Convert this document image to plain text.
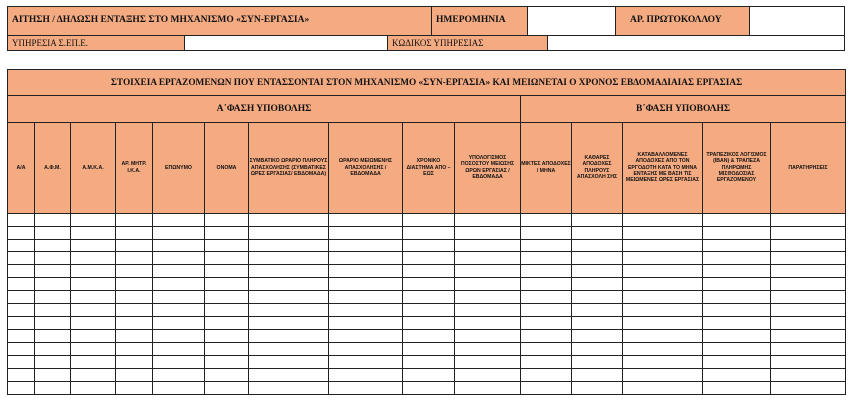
ΑΙΤΗΣΗ / ΔΗΛΩΣΗ ΕΝΤΑΞΗΣ ΣΤΟ ΜΗΧΑΝΙΣΜΟ «ΣΥΝ-ΕΡΓΑΣΙΑ»	ΗΜΕΡΟΜΗΝΙΑ	ΑΡ. ΠΡΩΤΟΚΟΛΛΟΥ
ΥΠΗΡΕΣΙΑ Σ.ΕΠ.Ε.	ΚΩΔΙΚΟΣ ΥΠΗΡΕΣΙΑΣ
ΣΤΟΙΧΕΙΑ ΕΡΓΑΖΟΜΕΝΩΝ ΠΟΥ ΕΝΤΑΣΣΟΝΤΑΙ ΣΤΟΝ ΜΗΧΑΝΙΣΜΟ «ΣΥΝ-ΕΡΓΑΣΙΑ» ΚΑΙ ΜΕΙΩΝΕΤΑΙ Ο ΧΡΟΝΟΣ ΕΒΔΟΜΑΔΙΑΙΑΣ ΕΡΓΑΣΙΑΣ														
Α΄ΦΑΣΗ ΥΠΟΒΟΛΗΣ										Β΄ΦΑΣΗ ΥΠΟΒΟΛΗΣ				
Α/Α	Α.Φ.Μ.	Α.Μ.Κ.Α.	ΑΡ. ΜΗΤΡ. Ι.Κ.Α.	ΕΠΩΝΥΜΟ	ΟΝΟΜΑ	ΣΥΜΒΑΤΙΚΟ ΩΡΑΡΙΟ ΠΛΗΡΟΥΣ ΑΠΑΣΧΟΛΗΣΗΣ (ΣΥΜΒΑΤΙΚΕΣ ΩΡΕΣ ΕΡΓΑΣΙΑΣ/ ΕΒΔΟΜΑΔΑ)	ΩΡΑΡΙΟ ΜΕΙΩΜΕΝΗΣ ΑΠΑΣΧΟΛΗΣΗΣ / ΕΒΔΟΜΑΔΑ	ΧΡΟΝΙΚΟ ΔΙΑΣΤΗΜΑ ΑΠΟ – ΕΩΣ	ΥΠΟΛΟΓΙΣΜΟΣ ΠΟΣΟΣΤΟΥ ΜΕΙΩΣΗΣ ΩΡΩΝ ΕΡΓΑΣΙΑΣ / ΕΒΔΟΜΑΔΑ	ΜΙΚΤΕΣ ΑΠΟΔΟΧΕΣ / ΜΗΝΑ	ΚΑΘΑΡΕΣ ΑΠΟΔΟΧΕΣ ΠΛΗΡΟΥΣ ΑΠΑΣΧΟΛΗ ΣΗΣ	ΚΑΤΑΒΑΛΛΟΜΕΝΕΣ ΑΠΟΔΟΧΕΣ ΑΠΟ ΤΟΝ ΕΡΓΟΔΟΤΗ ΚΑΤΑ ΤΟ ΜΗΝΑ ΕΝΤΑΞΗΣ ΜΕ ΒΑΣΗ ΤΙΣ ΜΕΙΩΜΕΝΕΣ ΩΡΕΣ ΕΡΓΑΣΙΑΣ	ΤΡΑΠΕΖΙΚΟΣ ΛΟΓ/ΣΜΟΣ (IBAN) & ΤΡΑΠΕΖΑ ΠΛΗΡΩΜΗΣ ΜΙΣΘΟΔΟΣΙΑΣ ΕΡΓΑΖΟΜΕΝΟΥ	ΠΑΡΑΤΗΡΗΣΕΙΣ
